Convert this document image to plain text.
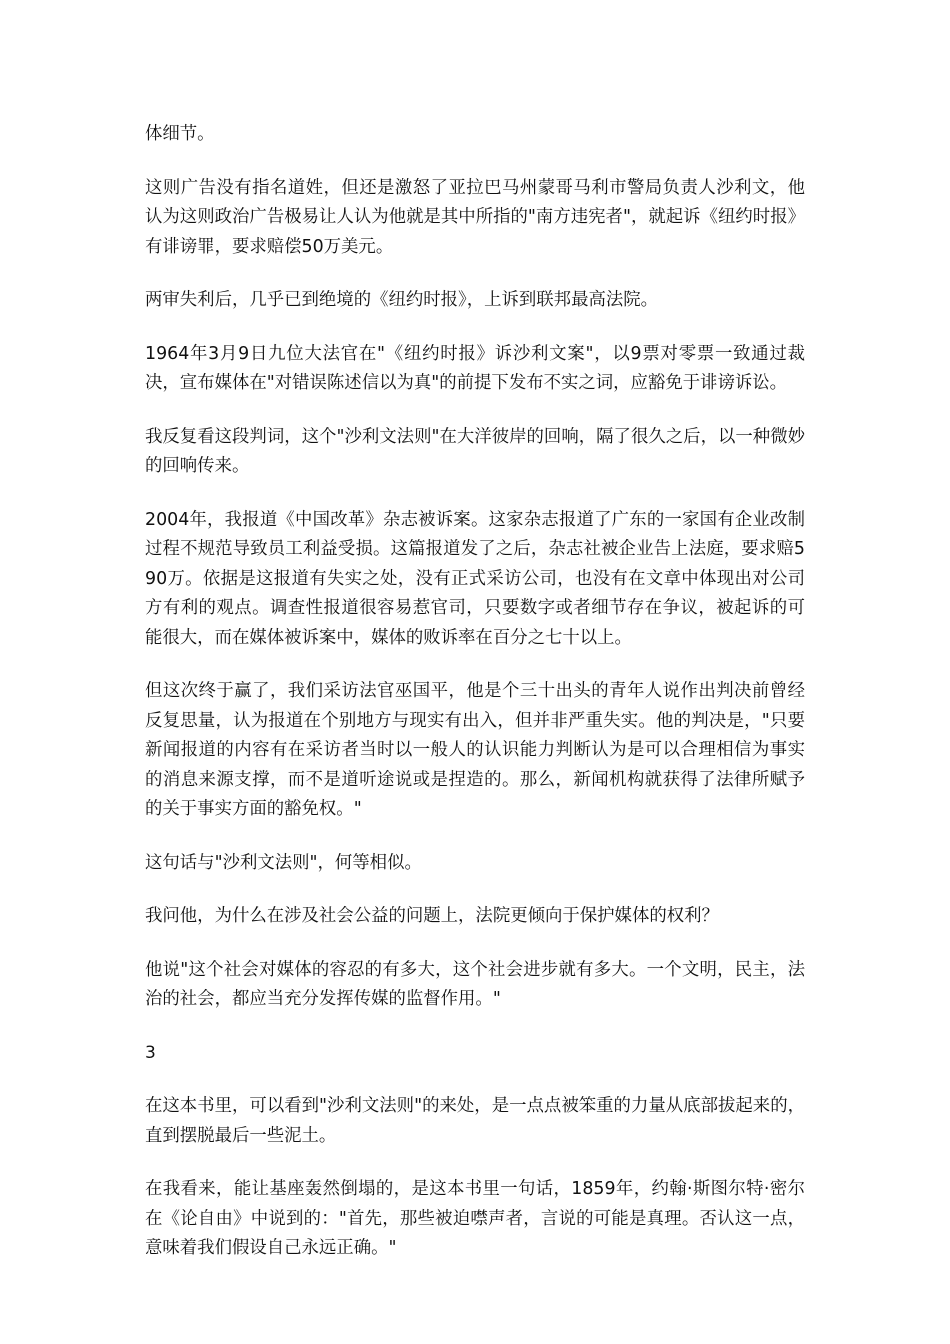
体细节。

这则广告没有指名道姓，但还是激怒了亚拉巴马州蒙哥马利市警局负责人沙利文，他认为这则政治广告极易让人认为他就是其中所指的"南方违宪者"，就起诉《纽约时报》有诽谤罪，要求赔偿50万美元。

两审失利后，几乎已到绝境的《纽约时报》，上诉到联邦最高法院。

1964年3月9日九位大法官在"《纽约时报》诉沙利文案"，以9票对零票一致通过裁决，宣布媒体在"对错误陈述信以为真"的前提下发布不实之词，应豁免于诽谤诉讼。

我反复看这段判词，这个"沙利文法则"在大洋彼岸的回响，隔了很久之后，以一种微妙的回响传来。

2004年，我报道《中国改革》杂志被诉案。这家杂志报道了广东的一家国有企业改制过程不规范导致员工利益受损。这篇报道发了之后，杂志社被企业告上法庭，要求赔590万。依据是这报道有失实之处，没有正式采访公司，也没有在文章中体现出对公司方有利的观点。调查性报道很容易惹官司，只要数字或者细节存在争议，被起诉的可能很大，而在媒体被诉案中，媒体的败诉率在百分之七十以上。

但这次终于赢了，我们采访法官巫国平，他是个三十出头的青年人说作出判决前曾经反复思量，认为报道在个别地方与现实有出入，但并非严重失实。他的判决是，"只要新闻报道的内容有在采访者当时以一般人的认识能力判断认为是可以合理相信为事实的消息来源支撑，而不是道听途说或是捏造的。那么，新闻机构就获得了法律所赋予的关于事实方面的豁免权。"

这句话与"沙利文法则"，何等相似。

我问他，为什么在涉及社会公益的问题上，法院更倾向于保护媒体的权利？

他说"这个社会对媒体的容忍的有多大，这个社会进步就有多大。一个文明，民主，法治的社会，都应当充分发挥传媒的监督作用。"

3

在这本书里，可以看到"沙利文法则"的来处，是一点点被笨重的力量从底部拔起来的，直到摆脱最后一些泥土。

在我看来，能让基座轰然倒塌的，是这本书里一句话，1859年，约翰·斯图尔特·密尔在《论自由》中说到的："首先，那些被迫噤声者，言说的可能是真理。否认这一点，意味着我们假设自己永远正确。"
